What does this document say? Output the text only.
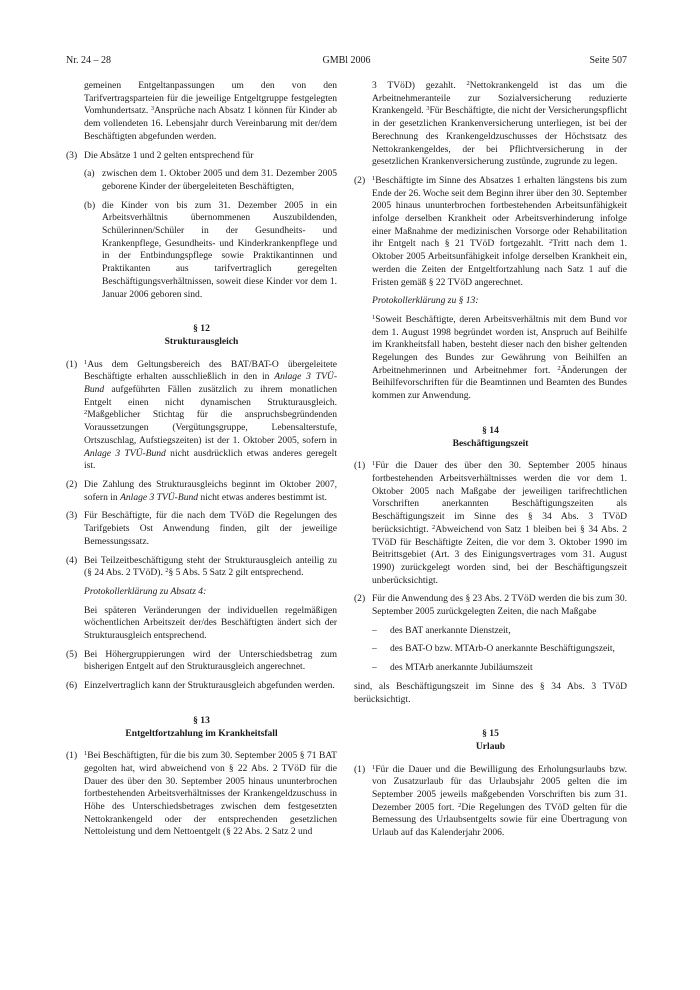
Nr. 24 – 28	GMBl 2006	Seite 507

gemeinen Entgeltanpassungen um den von den Tarifvertragsparteien für die jeweilige Entgeltgruppe festgelegten Vomhundertsatz. $^3$Ansprüche nach Absatz 1 können für Kinder ab dem vollendeten 16. Lebensjahr durch Vereinbarung mit der/dem Beschäftigten abgefunden werden.

(3) Die Absätze 1 und 2 gelten entsprechend für

(a) zwischen dem 1. Oktober 2005 und dem 31. Dezember 2005 geborene Kinder der übergeleiteten Beschäftigten,

(b) die Kinder von bis zum 31. Dezember 2005 in ein Arbeitsverhältnis übernommenen Auszubildenden, Schülerinnen/Schüler in der Gesundheits- und Krankenpflege, Gesundheits- und Kinderkrankenpflege und in der Entbindungspflege sowie Praktikantinnen und Praktikanten aus tarifvertraglich geregelten Beschäftigungsverhältnissen, soweit diese Kinder vor dem 1. Januar 2006 geboren sind.

§ 12

Strukturausgleich

(1) $^1$Aus dem Geltungsbereich des BAT/BAT-O übergeleitete Beschäftigte erhalten ausschließlich in den in Anlage 3 TVÜ-Bund aufgeführten Fällen zusätzlich zu ihrem monatlichen Entgelt einen nicht dynamischen Strukturausgleich. $^2$Maßgeblicher Stichtag für die anspruchsbegründenden Voraussetzungen (Vergütungsgruppe, Lebensalterstufe, Ortszuschlag, Aufstiegszeiten) ist der 1. Oktober 2005, sofern in Anlage 3 TVÜ-Bund nicht ausdrücklich etwas anderes geregelt ist.

(2) Die Zahlung des Strukturausgleichs beginnt im Oktober 2007, sofern in Anlage 3 TVÜ-Bund nicht etwas anderes bestimmt ist.

(3) Für Beschäftigte, für die nach dem TVöD die Regelungen des Tarifgebiets Ost Anwendung finden, gilt der jeweilige Bemessungssatz.

(4) Bei Teilzeitbeschäftigung steht der Strukturausgleich anteilig zu (§ 24 Abs. 2 TVöD). $^2$§ 5 Abs. 5 Satz 2 gilt entsprechend.

Protokollerklärung zu Absatz 4:

Bei späteren Veränderungen der individuellen regelmäßigen wöchentlichen Arbeitszeit der/des Beschäftigten ändert sich der Strukturausgleich entsprechend.

(5) Bei Höhergruppierungen wird der Unterschiedsbetrag zum bisherigen Entgelt auf den Strukturausgleich angerechnet.

(6) Einzelvertraglich kann der Strukturausgleich abgefunden werden.

§ 13

Entgeltfortzahlung im Krankheitsfall

(1) $^1$Bei Beschäftigten, für die bis zum 30. September 2005 § 71 BAT gegolten hat, wird abweichend von § 22 Abs. 2 TVöD für die Dauer des über den 30. September 2005 hinaus ununterbrochen fortbestehenden Arbeitsverhältnisses der Krankengeldzuschuss in Höhe des Unterschiedsbetrages zwischen dem festgesetzten Nettokrankengeld oder der entsprechenden gesetzlichen Nettoleistung und dem Nettoentgelt (§ 22 Abs. 2 Satz 2 und

3 TVöD) gezahlt. $^2$Nettokrankengeld ist das um die Arbeitnehmeranteile zur Sozialversicherung reduzierte Krankengeld. $^3$Für Beschäftigte, die nicht der Versicherungspflicht in der gesetzlichen Krankenversicherung unterliegen, ist bei der Berechnung des Krankengeldzuschusses der Höchstsatz des Nettokrankengeldes, der bei Pflichtversicherung in der gesetzlichen Krankenversicherung zustünde, zugrunde zu legen.

(2) $^1$Beschäftigte im Sinne des Absatzes 1 erhalten längstens bis zum Ende der 26. Woche seit dem Beginn ihrer über den 30. September 2005 hinaus ununterbrochen fortbestehenden Arbeitsunfähigkeit infolge derselben Krankheit oder Arbeitsverhinderung infolge einer Maßnahme der medizinischen Vorsorge oder Rehabilitation ihr Entgelt nach § 21 TVöD fortgezahlt. $^2$Tritt nach dem 1. Oktober 2005 Arbeitsunfähigkeit infolge derselben Krankheit ein, werden die Zeiten der Entgeltfortzahlung nach Satz 1 auf die Fristen gemäß § 22 TVöD angerechnet.

Protokollerklärung zu § 13:

$^1$Soweit Beschäftigte, deren Arbeitsverhältnis mit dem Bund vor dem 1. August 1998 begründet worden ist, Anspruch auf Beihilfe im Krankheitsfall haben, besteht dieser nach den bisher geltenden Regelungen des Bundes zur Gewährung von Beihilfen an Arbeitnehmerinnen und Arbeitnehmer fort. $^2$Änderungen der Beihilfevorschriften für die Beamtinnen und Beamten des Bundes kommen zur Anwendung.

§ 14

Beschäftigungszeit

(1) $^1$Für die Dauer des über den 30. September 2005 hinaus fortbestehenden Arbeitsverhältnisses werden die vor dem 1. Oktober 2005 nach Maßgabe der jeweiligen tarifrechtlichen Vorschriften anerkannten Beschäftigungszeiten als Beschäftigungszeit im Sinne des § 34 Abs. 3 TVöD berücksichtigt. $^2$Abweichend von Satz 1 bleiben bei § 34 Abs. 2 TVöD für Beschäftigte Zeiten, die vor dem 3. Oktober 1990 im Beitrittsgebiet (Art. 3 des Einigungsvertrages vom 31. August 1990) zurückgelegt worden sind, bei der Beschäftigungszeit unberücksichtigt.

(2) Für die Anwendung des § 23 Abs. 2 TVöD werden die bis zum 30. September 2005 zurückgelegten Zeiten, die nach Maßgabe

– des BAT anerkannte Dienstzeit,

– des BAT-O bzw. MTArb-O anerkannte Beschäftigungszeit,

– des MTArb anerkannte Jubiläumszeit

sind, als Beschäftigungszeit im Sinne des § 34 Abs. 3 TVöD berücksichtigt.

§ 15

Urlaub

(1) $^1$Für die Dauer und die Bewilligung des Erholungsurlaubs bzw. von Zusatzurlaub für das Urlaubsjahr 2005 gelten die im September 2005 jeweils maßgebenden Vorschriften bis zum 31. Dezember 2005 fort. $^2$Die Regelungen des TVöD gelten für die Bemessung des Urlaubsentgelts sowie für eine Übertragung von Urlaub auf das Kalenderjahr 2006.
